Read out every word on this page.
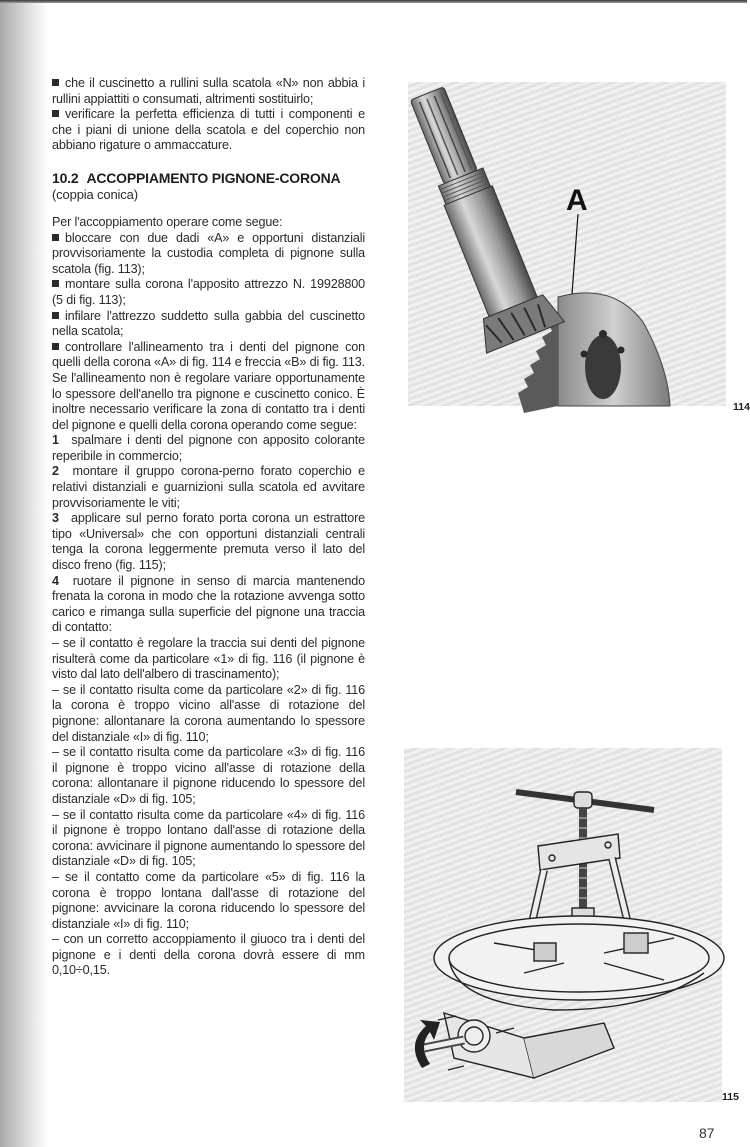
che il cuscinetto a rullini sulla scatola «N» non abbia i rullini appiattiti o consumati, altrimenti sostituirlo;

verificare la perfetta efficienza di tutti i componenti e che i piani di unione della scatola e del coperchio non abbiano rigature o ammaccature.

10.2 ACCOPPIAMENTO PIGNONE-CORONA

(coppia conica)

Per l'accoppiamento operare come segue:

bloccare con due dadi «A» e opportuni distanziali provvisoriamente la custodia completa di pignone sulla scatola (fig. 113);

montare sulla corona l'apposito attrezzo N. 19928800 (5 di fig. 113);

infilare l'attrezzo suddetto sulla gabbia del cuscinetto nella scatola;

controllare l'allineamento tra i denti del pignone con quelli della corona «A» di fig. 114 e freccia «B» di fig. 113.

Se l'allineamento non è regolare variare opportunamente lo spessore dell'anello tra pignone e cuscinetto conico. È inoltre necessario verificare la zona di contatto tra i denti del pignone e quelli della corona operando come segue:

1 spalmare i denti del pignone con apposito colorante reperibile in commercio;

2 montare il gruppo corona-perno forato coperchio e relativi distanziali e guarnizioni sulla scatola ed avvitare provvisoriamente le viti;

3 applicare sul perno forato porta corona un estrattore tipo «Universal» che con opportuni distanziali centrali tenga la corona leggermente premuta verso il lato del disco freno (fig. 115);

4 ruotare il pignone in senso di marcia mantenendo frenata la corona in modo che la rotazione avvenga sotto carico e rimanga sulla superficie del pignone una traccia di contatto:

– se il contatto è regolare la traccia sui denti del pignone risulterà come da particolare «1» di fig. 116 (il pignone è visto dal lato dell'albero di trascinamento);

– se il contatto risulta come da particolare «2» di fig. 116 la corona è troppo vicino all'asse di rotazione del pignone: allontanare la corona aumentando lo spessore del distanziale «I» di fig. 110;

– se il contatto risulta come da particolare «3» di fig. 116 il pignone è troppo vicino all'asse di rotazione della corona: allontanare il pignone riducendo lo spessore del distanziale «D» di fig. 105;

– se il contatto risulta come da particolare «4» di fig. 116 il pignone è troppo lontano dall'asse di rotazione della corona: avvicinare il pignone aumentando lo spessore del distanziale «D» di fig. 105;

– se il contatto come da particolare «5» di fig. 116 la corona è troppo lontana dall'asse di rotazione del pignone: avvicinare la corona riducendo lo spessore del distanziale «I» di fig. 110;

– con un corretto accoppiamento il giuoco tra i denti del pignone e i denti della corona dovrà essere di mm 0,10÷0,15.

A
114
115
87
